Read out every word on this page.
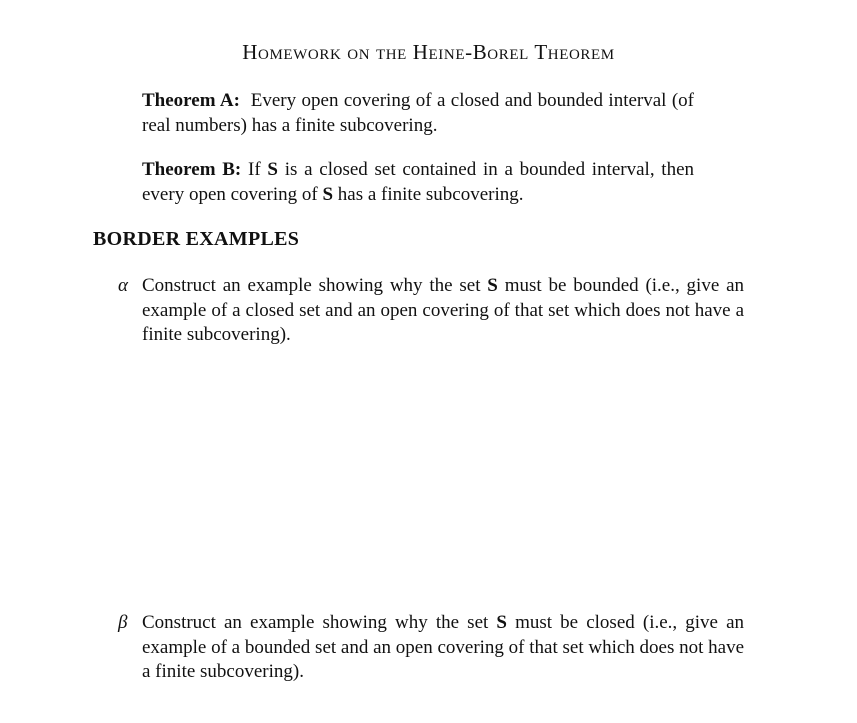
Homework on the Heine-Borel Theorem
Theorem A: Every open covering of a closed and bounded interval (of real numbers) has a finite subcovering.
Theorem B: If S is a closed set contained in a bounded interval, then every open covering of S has a finite subcovering.
BORDER EXAMPLES
α Construct an example showing why the set S must be bounded (i.e., give an example of a closed set and an open covering of that set which does not have a finite subcovering).
β Construct an example showing why the set S must be closed (i.e., give an example of a bounded set and an open covering of that set which does not have a finite subcovering).
